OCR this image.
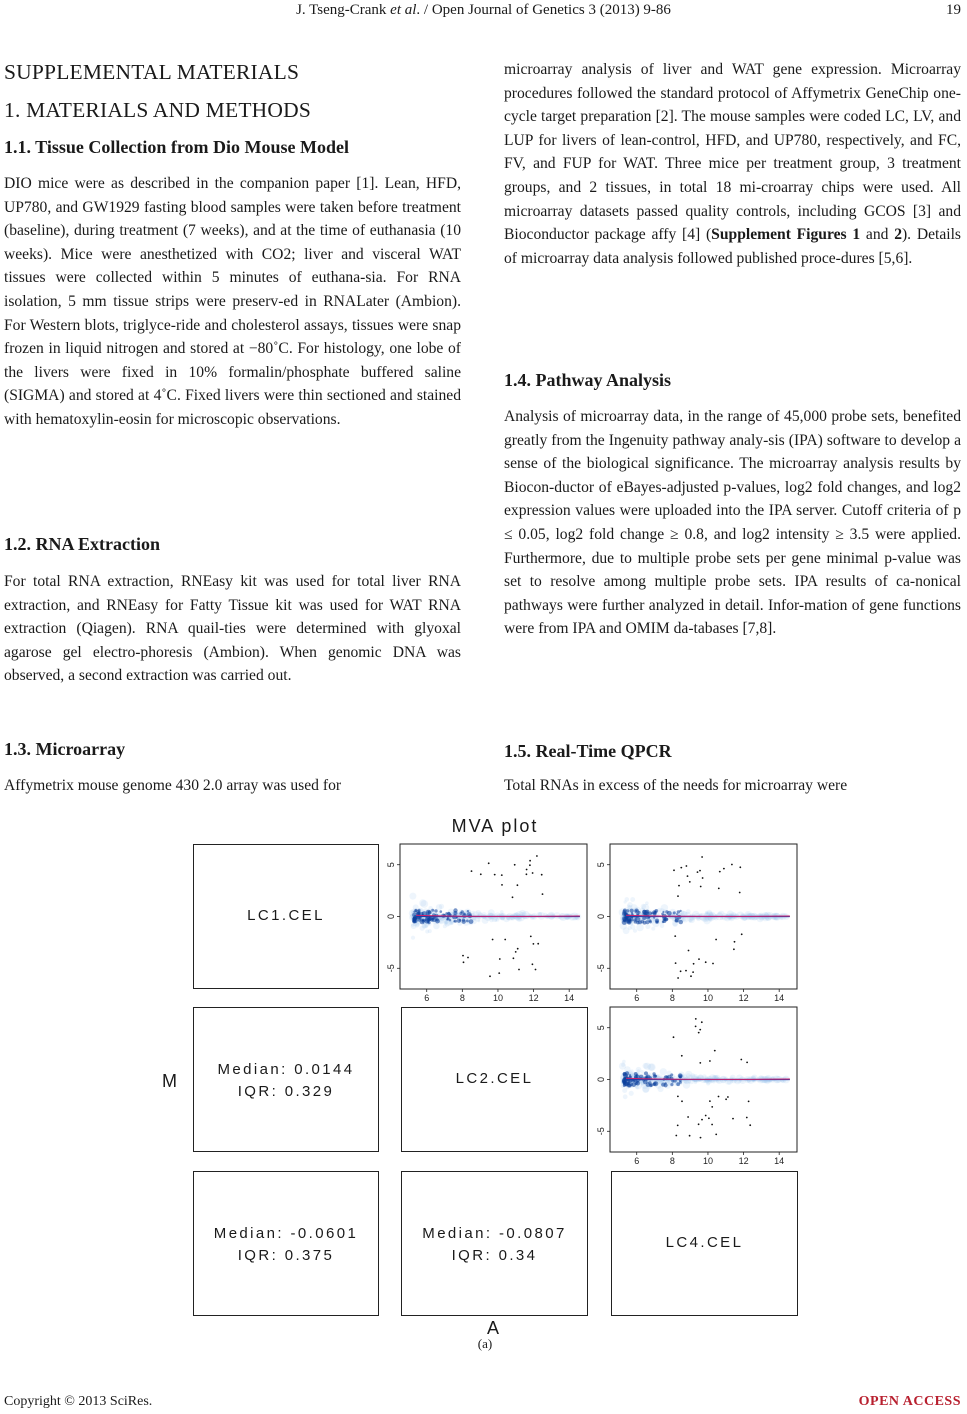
J. Tseng-Crank et al. / Open Journal of Genetics 3 (2013) 9-86	19
SUPPLEMENTAL MATERIALS
1. MATERIALS AND METHODS
1.1. Tissue Collection from Dio Mouse Model

DIO mice were as described in the companion paper [1]. Lean, HFD, UP780, and GW1929 fasting blood samples were taken before treatment (baseline), during treatment (7 weeks), and at the time of euthanasia (10 weeks). Mice were anesthetized with CO2; liver and visceral WAT tissues were collected within 5 minutes of euthana-sia. For RNA isolation, 5 mm tissue strips were preserv-ed in RNALater (Ambion). For Western blots, triglyce-ride and cholesterol assays, tissues were snap frozen in liquid nitrogen and stored at −80˚C. For histology, one lobe of the livers were fixed in 10% formalin/phosphate buffered saline (SIGMA) and stored at 4˚C. Fixed livers were thin sectioned and stained with hematoxylin-eosin for microscopic observations.

1.2. RNA Extraction

For total RNA extraction, RNEasy kit was used for total liver RNA extraction, and RNEasy for Fatty Tissue kit was used for WAT RNA extraction (Qiagen). RNA quail-ties were determined with glyoxal agarose gel electro-phoresis (Ambion). When genomic DNA was observed, a second extraction was carried out.

1.3. Microarray

Affymetrix mouse genome 430 2.0 array was used for

microarray analysis of liver and WAT gene expression. Microarray procedures followed the standard protocol of Affymetrix GeneChip one-cycle target preparation [2]. The mouse samples were coded LC, LV, and LUP for livers of lean-control, HFD, and UP780, respectively, and FC, FV, and FUP for WAT. Three mice per treatment group, 3 treatment groups, and 2 tissues, in total 18 mi-croarray chips were used. All microarray datasets passed quality controls, including GCOS [3] and Bioconductor package affy [4] (Supplement Figures 1 and 2). Details of microarray data analysis followed published proce-dures [5,6].

1.4. Pathway Analysis

Analysis of microarray data, in the range of 45,000 probe sets, benefited greatly from the Ingenuity pathway analy-sis (IPA) software to develop a sense of the biological significance. The microarray analysis results by Biocon-ductor of eBayes-adjusted p-values, log2 fold changes, and log2 expression values were uploaded into the IPA server. Cutoff criteria of p ≤ 0.05, log2 fold change ≥ 0.8, and log2 intensity ≥ 3.5 were applied. Furthermore, due to multiple probe sets per gene minimal p-value was set to resolve among multiple probe sets. IPA results of ca-nonical pathways were further analyzed in detail. Infor-mation of gene functions were from IPA and OMIM da-tabases [7,8].

1.5. Real-Time QPCR

Total RNAs in excess of the needs for microarray were

MVA plot
M
A
LC1.CEL
LC2.CEL
LC4.CEL
Median: 0.0144
IQR: 0.329
Median: -0.0601
IQR: 0.375
Median: -0.0807
IQR: 0.34
-5
0
5
6	8	10	12	14
-5
0
5
6	8	10	12	14
-5
0
5
6	8	10	12	14
(a)
Copyright © 2013 SciRes.	OPEN ACCESS
